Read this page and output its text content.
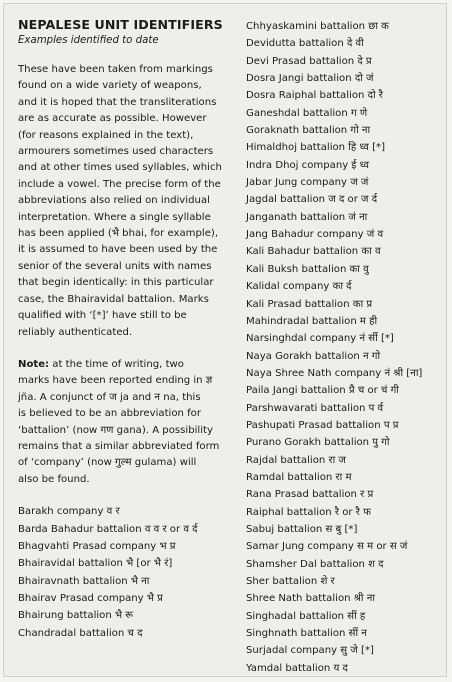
NEPALESE UNIT IDENTIFIERS

Examples identified to date

These have been taken from markings
found on a wide variety of weapons,
and it is hoped that the transliterations
are as accurate as possible. However
(for reasons explained in the text),
armourers sometimes used characters
and at other times used syllables, which
include a vowel. The precise form of the
abbreviations also relied on individual
interpretation. Where a single syllable
has been applied (भै bhai, for example),
it is assumed to have been used by the
senior of the several units with names
that begin identically: in this particular
case, the Bhairavidal battalion. Marks
qualified with ‘[*]’ have still to be
reliably authenticated.

Note: at the time of writing, two
marks have been reported ending in ज्ञ
jña. A conjunct of ज ja and न na, this
is believed to be an abbreviation for
‘battalion’ (now गण gana). A possibility
remains that a similar abbreviated form
of ‘company’ (now गुल्म gulama) will
also be found.

Barakh company व र
Barda Bahadur battalion व व र or व र्द
Bhagvahti Prasad company भ प्र
Bhairavidal battalion भै [or भै रं]
Bhairavnath battalion भै ना
Bhairav Prasad company भै प्र
Bhairung battalion भै रू
Chandradal battalion च द
Chhyaskamini battalion छा क
Devidutta battalion दे वी
Devi Prasad battalion दे प्र
Dosra Jangi battalion दो जं
Dosra Raiphal battalion दो रै
Ganeshdal battalion ग णे
Goraknath battalion गो ना
Himaldhoj battalion हि ध्व [*]
Indra Dhoj company ई ध्व
Jabar Jung company ज जं
Jagdal battalion ज द or ज र्द
Janganath battalion जं ना
Jang Bahadur company जं व
Kali Bahadur battalion का व
Kali Buksh battalion का वु
Kalidal company का र्द
Kali Prasad battalion का प्र
Mahindradal battalion म ही
Narsinghdal company नं र्सी [*]
Naya Gorakh battalion न गो
Naya Shree Nath company नं श्री [ना]
Paila Jangi battalion प्रै च or चं गी
Parshwavarati battalion प र्व
Pashupati Prasad battalion प प्र
Purano Gorakh battalion पु गो
Rajdal battalion रा ज
Ramdal battalion रा म
Rana Prasad battalion र प्र
Raiphal battalion रै or रै फ
Sabuj battalion स बु [*]
Samar Jung company स म or स जं
Shamsher Dal battalion श द
Sher battalion शे र
Shree Nath battalion श्री ना
Singhadal battalion सीं ह
Singhnath battalion सीं न
Surjadal company सु जे [*]
Yamdal battalion य द
